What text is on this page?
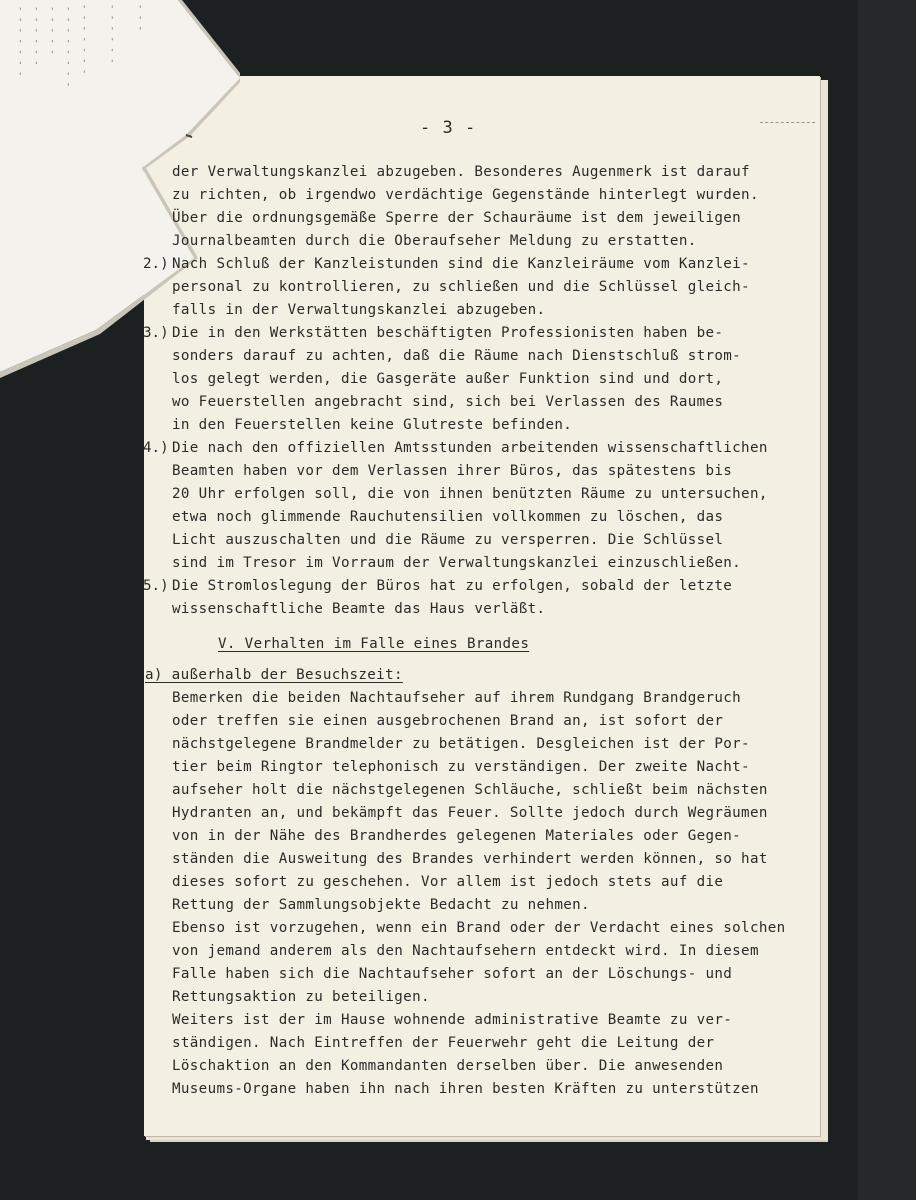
- - - - - - - - - - - - - - - - - - - - - - - - - - - - - - - - - - - - - - - - - -
- 3 -
der Verwaltungskanzlei abzugeben. Besonderes Augenmerk ist darauf
zu richten, ob irgendwo verdächtige Gegenstände hinterlegt wurden.
Über die ordnungsgemäße Sperre der Schauräume ist dem jeweiligen
Journalbeamten durch die Oberaufseher Meldung zu erstatten.
2.) Nach Schluß der Kanzleistunden sind die Kanzleiräume vom Kanzlei-
personal zu kontrollieren, zu schließen und die Schlüssel gleich-
falls in der Verwaltungskanzlei abzugeben.
3.) Die in den Werkstätten beschäftigten Professionisten haben be-
sonders darauf zu achten, daß die Räume nach Dienstschluß strom-
los gelegt werden, die Gasgeräte außer Funktion sind und dort,
wo Feuerstellen angebracht sind, sich bei Verlassen des Raumes
in den Feuerstellen keine Glutreste befinden.
4.) Die nach den offiziellen Amtsstunden arbeitenden wissenschaftlichen
Beamten haben vor dem Verlassen ihrer Büros, das spätestens bis
20 Uhr erfolgen soll, die von ihnen benützten Räume zu untersuchen,
etwa noch glimmende Rauchutensilien vollkommen zu löschen, das
Licht auszuschalten und die Räume zu versperren. Die Schlüssel
sind im Tresor im Vorraum der Verwaltungskanzlei einzuschließen.
5.) Die Stromloslegung der Büros hat zu erfolgen, sobald der letzte
wissenschaftliche Beamte das Haus verläßt.
V. Verhalten im Falle eines Brandes
a) außerhalb der Besuchszeit:
Bemerken die beiden Nachtaufseher auf ihrem Rundgang Brandgeruch
oder treffen sie einen ausgebrochenen Brand an, ist sofort der
nächstgelegene Brandmelder zu betätigen. Desgleichen ist der Por-
tier beim Ringtor telephonisch zu verständigen. Der zweite Nacht-
aufseher holt die nächstgelegenen Schläuche, schließt beim nächsten
Hydranten an, und bekämpft das Feuer. Sollte jedoch durch Wegräumen
von in der Nähe des Brandherdes gelegenen Materiales oder Gegen-
ständen die Ausweitung des Brandes verhindert werden können, so hat
dieses sofort zu geschehen. Vor allem ist jedoch stets auf die
Rettung der Sammlungsobjekte Bedacht zu nehmen.
Ebenso ist vorzugehen, wenn ein Brand oder der Verdacht eines solchen
von jemand anderem als den Nachtaufsehern entdeckt wird. In diesem
Falle haben sich die Nachtaufseher sofort an der Löschungs- und
Rettungsaktion zu beteiligen.
Weiters ist der im Hause wohnende administrative Beamte zu ver-
ständigen. Nach Eintreffen der Feuerwehr geht die Leitung der
Löschaktion an den Kommandanten derselben über. Die anwesenden
Museums-Organe haben ihn nach ihren besten Kräften zu unterstützen
